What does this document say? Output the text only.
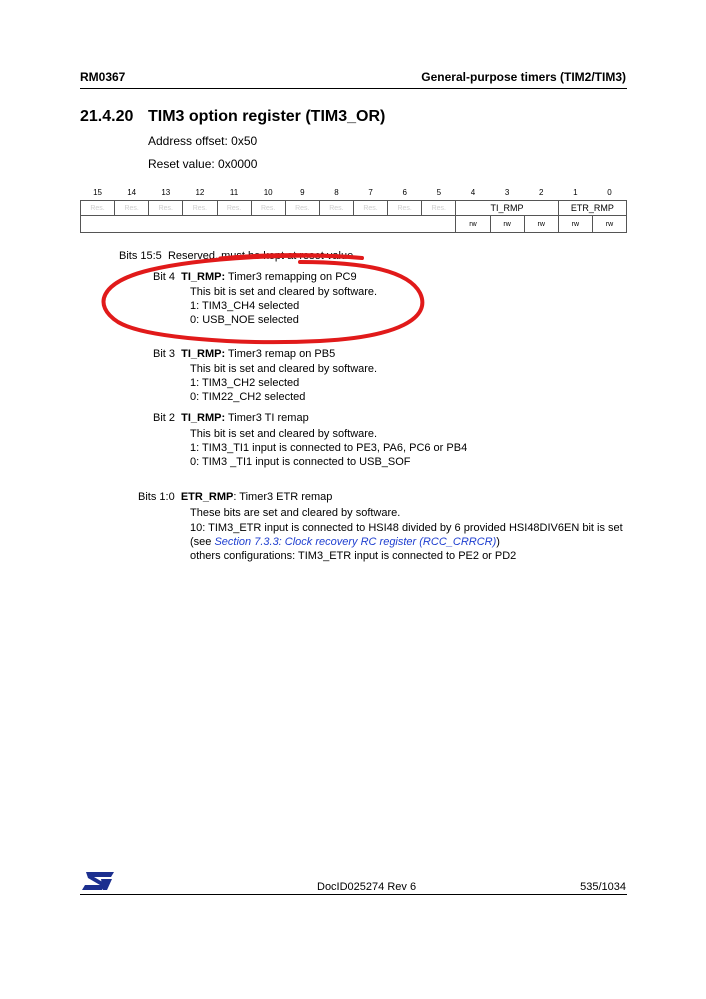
RM0367	General-purpose timers (TIM2/TIM3)
21.4.20 TIM3 option register (TIM3_OR)
Address offset: 0x50
Reset value: 0x0000
15	14	13	12	11	10	9	8	7	6	5	4	3	2	1	0
Res.	Res.	Res.	Res.	Res.	Res.	Res.	Res.	Res.	Res.	Res.	TI_RMP			ETR_RMP	
											rw	rw	rw	rw	rw
Bits 15:5 Reserved, must be kept at reset value.
Bit 4 TI_RMP: Timer3 remapping on PC9
This bit is set and cleared by software.
1: TIM3_CH4 selected
0: USB_NOE selected
Bit 3 TI_RMP: Timer3 remap on PB5
This bit is set and cleared by software.
1: TIM3_CH2 selected
0: TIM22_CH2 selected
Bit 2 TI_RMP: Timer3 TI remap
This bit is set and cleared by software.
1: TIM3_TI1 input is connected to PE3, PA6, PC6 or PB4
0: TIM3 _TI1 input is connected to USB_SOF
Bits 1:0 ETR_RMP: Timer3 ETR remap
These bits are set and cleared by software.
10: TIM3_ETR input is connected to HSI48 divided by 6 provided HSI48DIV6EN bit is set
(see Section 7.3.3: Clock recovery RC register (RCC_CRRCR))
others configurations: TIM3_ETR input is connected to PE2 or PD2
DocID025274 Rev 6	535/1034
